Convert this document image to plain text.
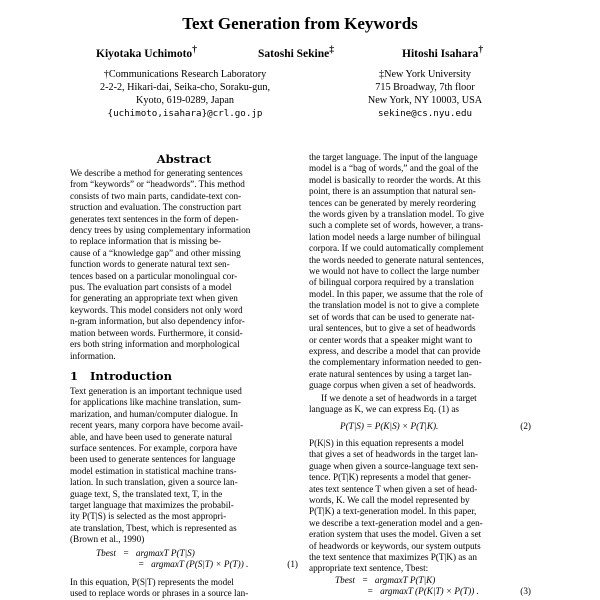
Text Generation from Keywords
Kiyotaka Uchimoto†	Satoshi Sekine‡	Hitoshi Isahara†
†Communications Research Laboratory
2-2-2, Hikari-dai, Seika-cho, Soraku-gun,
Kyoto, 619-0289, Japan
{uchimoto,isahara}@crl.go.jp
‡New York University
715 Broadway, 7th floor
New York, NY 10003, USA
sekine@cs.nyu.edu
Abstract
We describe a method for generating sentences
from “keywords” or “headwords”. This method
consists of two main parts, candidate-text con-
struction and evaluation. The construction part
generates text sentences in the form of depen-
dency trees by using complementary information
to replace information that is missing be-
cause of a “knowledge gap” and other missing
function words to generate natural text sen-
tences based on a particular monolingual cor-
pus. The evaluation part consists of a model
for generating an appropriate text when given
keywords. This model considers not only word
n-gram information, but also dependency infor-
mation between words. Furthermore, it consid-
ers both string information and morphological
information.
1 Introduction
Text generation is an important technique used
for applications like machine translation, sum-
marization, and human/computer dialogue. In
recent years, many corpora have become avail-
able, and have been used to generate natural
surface sentences. For example, corpora have
been used to generate sentences for language
model estimation in statistical machine trans-
lation. In such translation, given a source lan-
guage text, S, the translated text, T, in the
target language that maximizes the probabil-
ity P(T|S) is selected as the most appropri-
ate translation, Tbest, which is represented as
(Brown et al., 1990)
Tbest   =   argmaxT P(T|S)
=   argmaxT (P(S|T) × P(T)) .	(1)
In this equation, P(S|T) represents the model
used to replace words or phrases in a source lan-
the target language. The input of the language
model is a “bag of words,” and the goal of the
model is basically to reorder the words. At this
point, there is an assumption that natural sen-
tences can be generated by merely reordering
the words given by a translation model. To give
such a complete set of words, however, a trans-
lation model needs a large number of bilingual
corpora. If we could automatically complement
the words needed to generate natural sentences,
we would not have to collect the large number
of bilingual corpora required by a translation
model. In this paper, we assume that the role of
the translation model is not to give a complete
set of words that can be used to generate nat-
ural sentences, but to give a set of headwords
or center words that a speaker might want to
express, and describe a model that can provide
the complementary information needed to gen-
erate natural sentences by using a target lan-
guage corpus when given a set of headwords.
If we denote a set of headwords in a target
language as K, we can express Eq. (1) as
P(T|S) = P(K|S) × P(T|K).	(2)
P(K|S) in this equation represents a model
that gives a set of headwords in the target lan-
guage when given a source-language text sen-
tence. P(T|K) represents a model that gener-
ates text sentence T when given a set of head-
words, K. We call the model represented by
P(T|K) a text-generation model. In this paper,
we describe a text-generation model and a gen-
eration system that uses the model. Given a set
of headwords or keywords, our system outputs
the text sentence that maximizes P(T|K) as an
appropriate text sentence, Tbest:
Tbest   =   argmaxT P(T|K)
=   argmaxT (P(K|T) × P(T)) .	(3)
